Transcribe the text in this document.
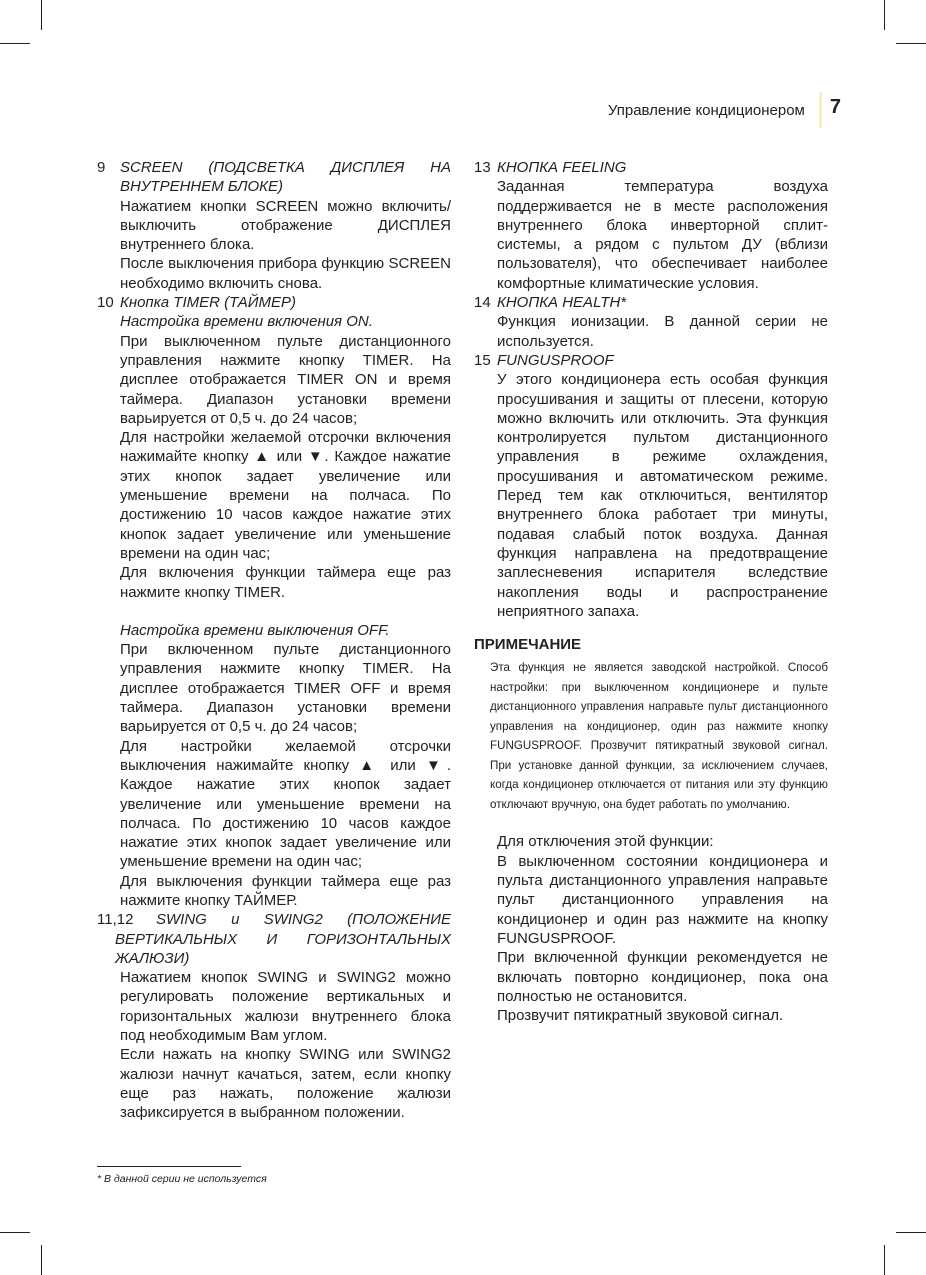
Управление кондиционером	7
9 SCREEN (ПОДСВЕТКА ДИСПЛЕЯ НА ВНУТРЕННЕМ БЛОКЕ)

Нажатием кнопки SCREEN можно включить/выключить отображение ДИСПЛЕЯ внутреннего блока.

После выключения прибора функцию SCREEN необходимо включить снова.

10 Кнопка TIMER (ТАЙМЕР)

Настройка времени включения ON.

При выключенном пульте дистанционного управления нажмите кнопку TIMER. На дисплее отображается TIMER ON и время таймера. Диапазон установки времени варьируется от 0,5 ч. до 24 часов;

Для настройки желаемой отсрочки включения нажимайте кнопку ▲ или ▼. Каждое нажатие этих кнопок задает увеличение или уменьшение времени на полчаса. По достижению 10 часов каждое нажатие этих кнопок задает увеличение или уменьшение времени на один час;

Для включения функции таймера еще раз нажмите кнопку TIMER.

Настройка времени выключения OFF.

При включенном пульте дистанционного управления нажмите кнопку TIMER. На дисплее отображается TIMER OFF и время таймера. Диапазон установки времени варьируется от 0,5 ч. до 24 часов;

Для настройки желаемой отсрочки выключения нажимайте кнопку ▲ или ▼. Каждое нажатие этих кнопок задает увеличение или уменьшение времени на полчаса. По достижению 10 часов каждое нажатие этих кнопок задает увеличение или уменьшение времени на один час;

Для выключения функции таймера еще раз нажмите кнопку ТАЙМЕР.

11,12	SWING и SWING2 (ПОЛОЖЕНИЕ ВЕРТИКАЛЬНЫХ И ГОРИЗОНТАЛЬНЫХ ЖАЛЮЗИ)

Нажатием кнопок SWING и SWING2 можно регулировать положение вертикальных и горизонтальных жалюзи внутреннего блока под необходимым Вам углом.

Если нажать на кнопку SWING или SWING2 жалюзи начнут качаться, затем, если кнопку еще раз нажать, положение жалюзи зафиксируется в выбранном положении.

13 КНОПКА FEELING

Заданная температура воздуха поддерживается не в месте расположения внутреннего блока инверторной сплит-системы, а рядом с пультом ДУ (вблизи пользователя), что обеспечивает наиболее комфортные климатические условия.

14 КНОПКА HEALTH*

Функция ионизации. В данной серии не используется.

15 FUNGUSPROOF

У этого кондиционера есть особая функция просушивания и защиты от плесени, которую можно включить или отключить. Эта функция контролируется пультом дистанционного управления в режиме охлаждения, просушивания и автоматическом режиме. Перед тем как отключиться, вентилятор внутреннего блока работает три минуты, подавая слабый поток воздуха. Данная функция направлена на предотвращение заплесневения испарителя вследствие накопления воды и распространение неприятного запаха.

ПРИМЕЧАНИЕ

Эта функция не является заводской настройкой. Способ настройки: при выключенном кондиционере и пульте дистанционного управления направьте пульт дистанционного управления на кондиционер, один раз нажмите кнопку FUNGUSPROOF. Прозвучит пятикратный звуковой сигнал. При установке данной функции, за исключением случаев, когда кондиционер отключается от питания или эту функцию отключают вручную, она будет работать по умолчанию.

Для отключения этой функции:

В выключенном состоянии кондиционера и пульта дистанционного управления направьте пульт дистанционного управления на кондиционер и один раз нажмите на кнопку FUNGUSPROOF.

При включенной функции рекомендуется не включать повторно кондиционер, пока она полностью не остановится.

Прозвучит пятикратный звуковой сигнал.

* В данной серии не используется
